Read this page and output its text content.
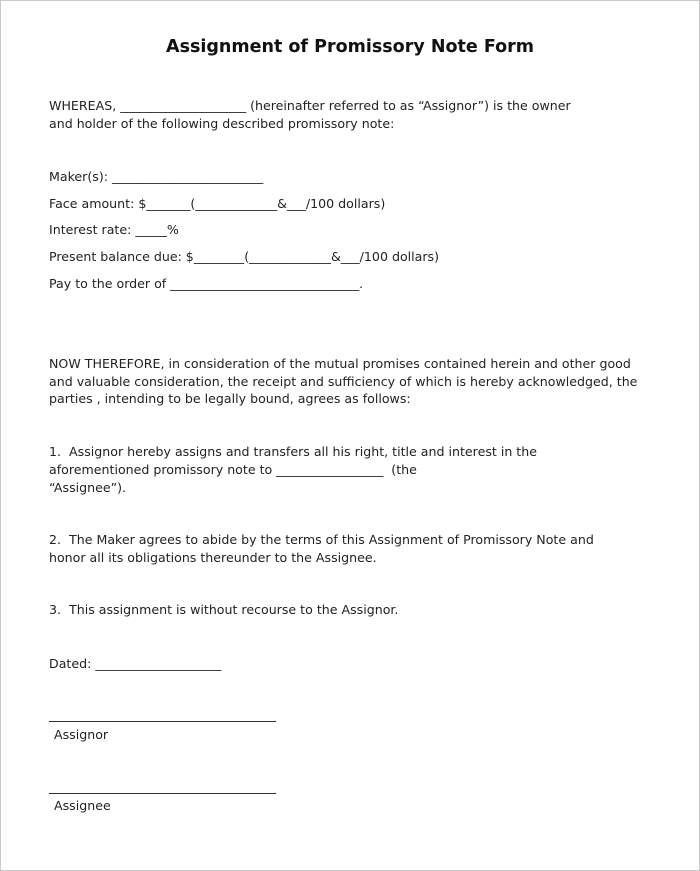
Assignment of Promissory Note Form
WHEREAS, ____________________ (hereinafter referred to as “Assignor”) is the owner
and holder of the following described promissory note:
Maker(s): ________________________
Face amount: $_______(_____________&___/100 dollars)
Interest rate: _____%
Present balance due: $________(_____________&___/100 dollars)
Pay to the order of ______________________________.
NOW THEREFORE, in consideration of the mutual promises contained herein and other good
and valuable consideration, the receipt and sufficiency of which is hereby acknowledged, the
parties , intending to be legally bound, agrees as follows:
1.  Assignor hereby assigns and transfers all his right, title and interest in the
aforementioned promissory note to _________________  (the
“Assignee”).
2.  The Maker agrees to abide by the terms of this Assignment of Promissory Note and
honor all its obligations thereunder to the Assignee.
3.  This assignment is without recourse to the Assignor.
Dated: ____________________
Assignor
Assignee
